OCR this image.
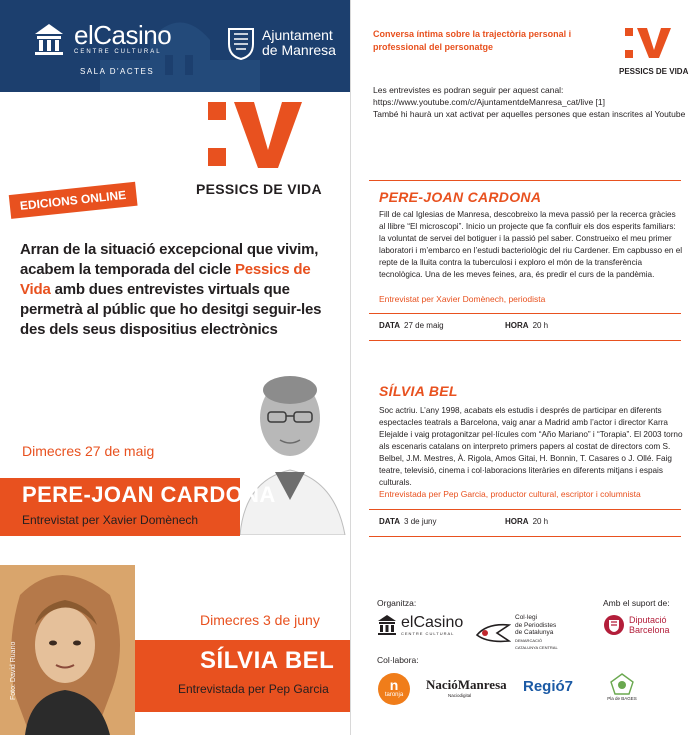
elCasino
CENTRE CULTURAL
SALA D'ACTES
Ajuntament
de Manresa
PESSICS DE VIDA
EDICIONS ONLINE
Arran de la situació excepcional que vivim, acabem la temporada del cicle Pessics de Vida amb dues entrevistes virtuals que permetrà al públic que ho desitgi seguir-les des dels seus dispositius electrònics
Dimecres 27 de maig
PERE-JOAN CARDONA
Entrevistat per Xavier Domènech
Dimecres 3 de juny
SÍLVIA BEL
Entrevistada per Pep Garcia
Foto: David Ruano
Conversa íntima sobre la trajectòria personal i professional del personatge
PESSICS DE VIDA
Les entrevistes es podran seguir per aquest canal:
https://www.youtube.com/c/AjuntamentdeManresa_cat/live [1]
També hi haurà un xat activat per aquelles persones que estan inscrites al Youtube
PERE-JOAN CARDONA
Fill de cal Iglesias de Manresa, descobreixo la meva passió per la recerca gràcies al llibre “El microscopi”. Inicio un projecte que fa confluir els dos esperits familiars: la voluntat de servei del botiguer i la passió pel saber. Construeixo el meu primer laboratori i m’embarco en l’estudi bacteriològic del riu Cardener. Em capbusso en el repte de la lluita contra la tuberculosi i exploro el món de la transferència tecnològica. Una de les meves feines, ara, és predir el curs de la pandèmia.
Entrevistat per Xavier Domènech, periodista
DATA 27 de maig	HORA 20 h
SÍLVIA BEL
Soc actriu. L’any 1998, acabats els estudis i després de participar en diferents espectacles teatrals a Barcelona, vaig anar a Madrid amb l’actor i director Karra Elejalde i vaig protagonitzar pel·lícules com “Año Mariano” i “Torapia”. El 2003 torno als escenaris catalans on interpreto primers papers al costat de directors com S. Belbel, J.M. Mestres, À. Rigola, Amos Gitai, H. Bonnin, T. Casares o J. Ollé. Faig teatre, televisió, cinema i col·laboracions literàries en diferents mitjans i espais culturals.
Entrevistada per Pep Garcia, productor cultural, escriptor i columnista
DATA 3 de juny	HORA 20 h
Organitza:	Amb el suport de:
elCasino
CENTRE CULTURAL
Col·legi
de Periodistes
de Catalunya
DEMARCACIÓ
CATALUNYA CENTRAL
Diputació
Barcelona
Col·labora:
n
taronja
NacióManresa
Naciodigital
Regió7
Pla de BAGES
